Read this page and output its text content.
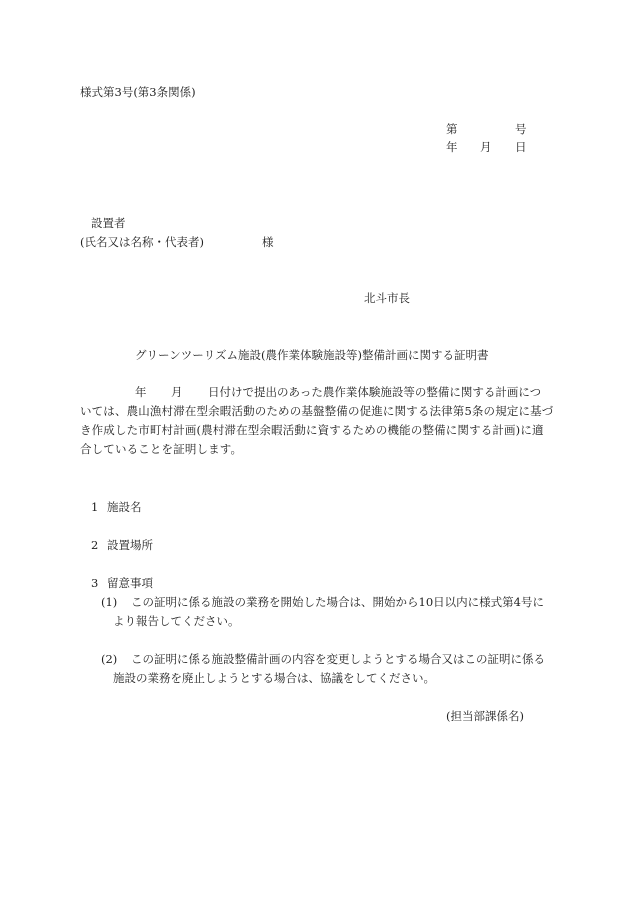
様式第3号(第3条関係)
第	号
年 月 日
設置者
(氏名又は名称・代表者)	様
北斗市長
グリーンツーリズム施設(農作業体験施設等)整備計画に関する証明書
年 月 日付けで提出のあった農作業体験施設等の整備に関する計画につ
いては、農山漁村滞在型余暇活動のための基盤整備の促進に関する法律第5条の規定に基づ
き作成した市町村計画(農村滞在型余暇活動に資するための機能の整備に関する計画)に適
合していることを証明します。
1 施設名
2 設置場所
3 留意事項
(1) この証明に係る施設の業務を開始した場合は、開始から10日以内に様式第4号に
より報告してください。
(2) この証明に係る施設整備計画の内容を変更しようとする場合又はこの証明に係る
施設の業務を廃止しようとする場合は、協議をしてください。
(担当部課係名)
